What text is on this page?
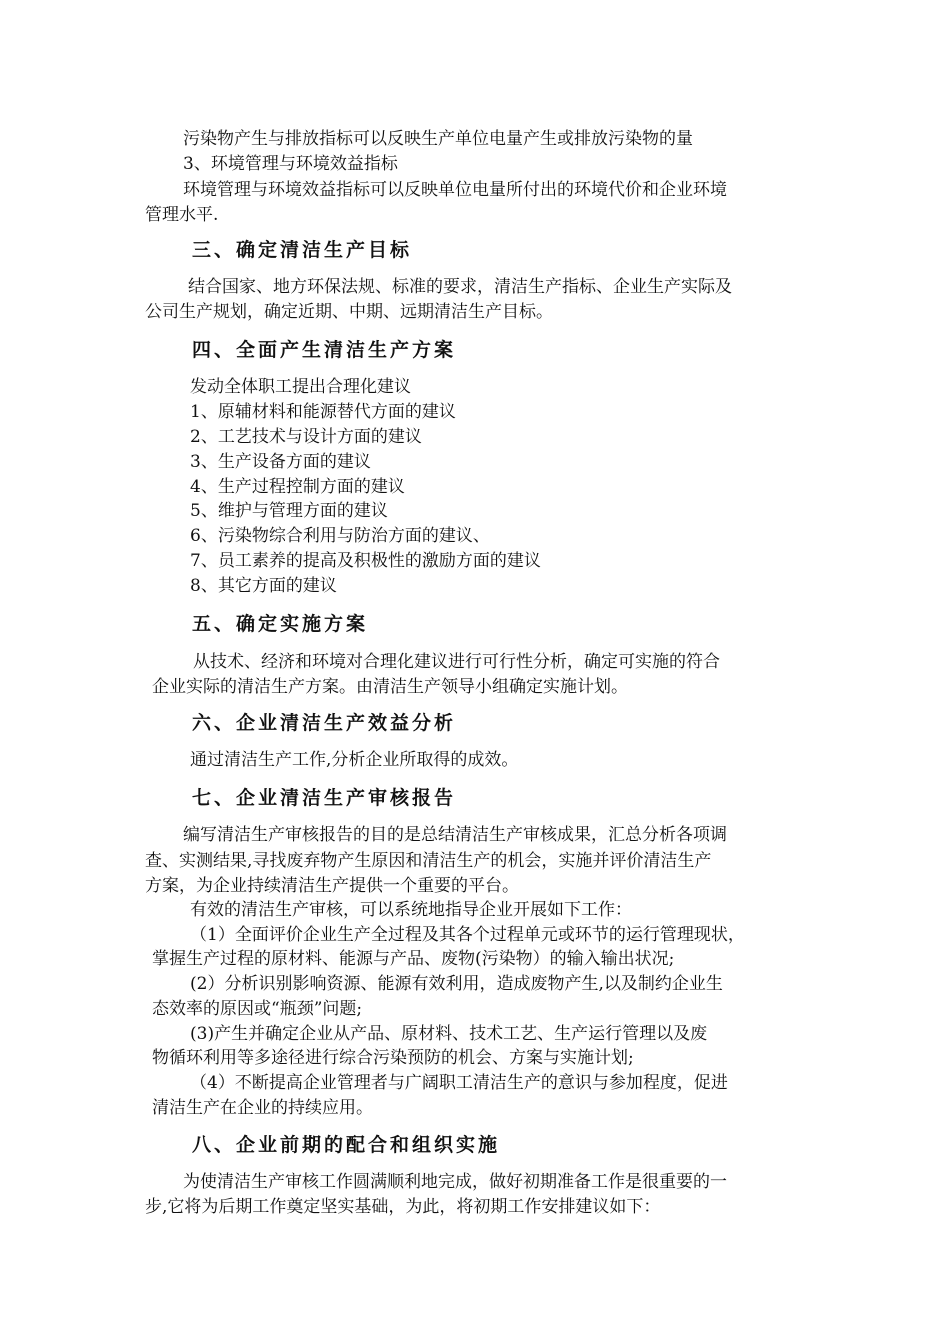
污染物产生与排放指标可以反映生产单位电量产生或排放污染物的量

3、环境管理与环境效益指标

环境管理与环境效益指标可以反映单位电量所付出的环境代价和企业环境

管理水平.

三、确定清洁生产目标

结合国家、地方环保法规、标准的要求，清洁生产指标、企业生产实际及

公司生产规划，确定近期、中期、远期清洁生产目标。

四、全面产生清洁生产方案

发动全体职工提出合理化建议

1、原辅材料和能源替代方面的建议

2、工艺技术与设计方面的建议

3、生产设备方面的建议

4、生产过程控制方面的建议

5、维护与管理方面的建议

6、污染物综合利用与防治方面的建议、

7、员工素养的提高及积极性的激励方面的建议

8、其它方面的建议

五、确定实施方案

从技术、经济和环境对合理化建议进行可行性分析，确定可实施的符合

企业实际的清洁生产方案。由清洁生产领导小组确定实施计划。

六、企业清洁生产效益分析

通过清洁生产工作,分析企业所取得的成效。

七、企业清洁生产审核报告

编写清洁生产审核报告的目的是总结清洁生产审核成果，汇总分析各项调

查、实测结果,寻找废弃物产生原因和清洁生产的机会，实施并评价清洁生产

方案，为企业持续清洁生产提供一个重要的平台。

有效的清洁生产审核，可以系统地指导企业开展如下工作：

（1）全面评价企业生产全过程及其各个过程单元或环节的运行管理现状，

掌握生产过程的原材料、能源与产品、废物(污染物）的输入输出状况;

(2）分析识别影响资源、能源有效利用，造成废物产生,以及制约企业生

态效率的原因或“瓶颈”问题;

(3)产生并确定企业从产品、原材料、技术工艺、生产运行管理以及废

物循环利用等多途径进行综合污染预防的机会、方案与实施计划;

（4）不断提高企业管理者与广阔职工清洁生产的意识与参加程度，促进

清洁生产在企业的持续应用。

八、企业前期的配合和组织实施

为使清洁生产审核工作圆满顺利地完成，做好初期准备工作是很重要的一

步,它将为后期工作奠定坚实基础，为此，将初期工作安排建议如下：
